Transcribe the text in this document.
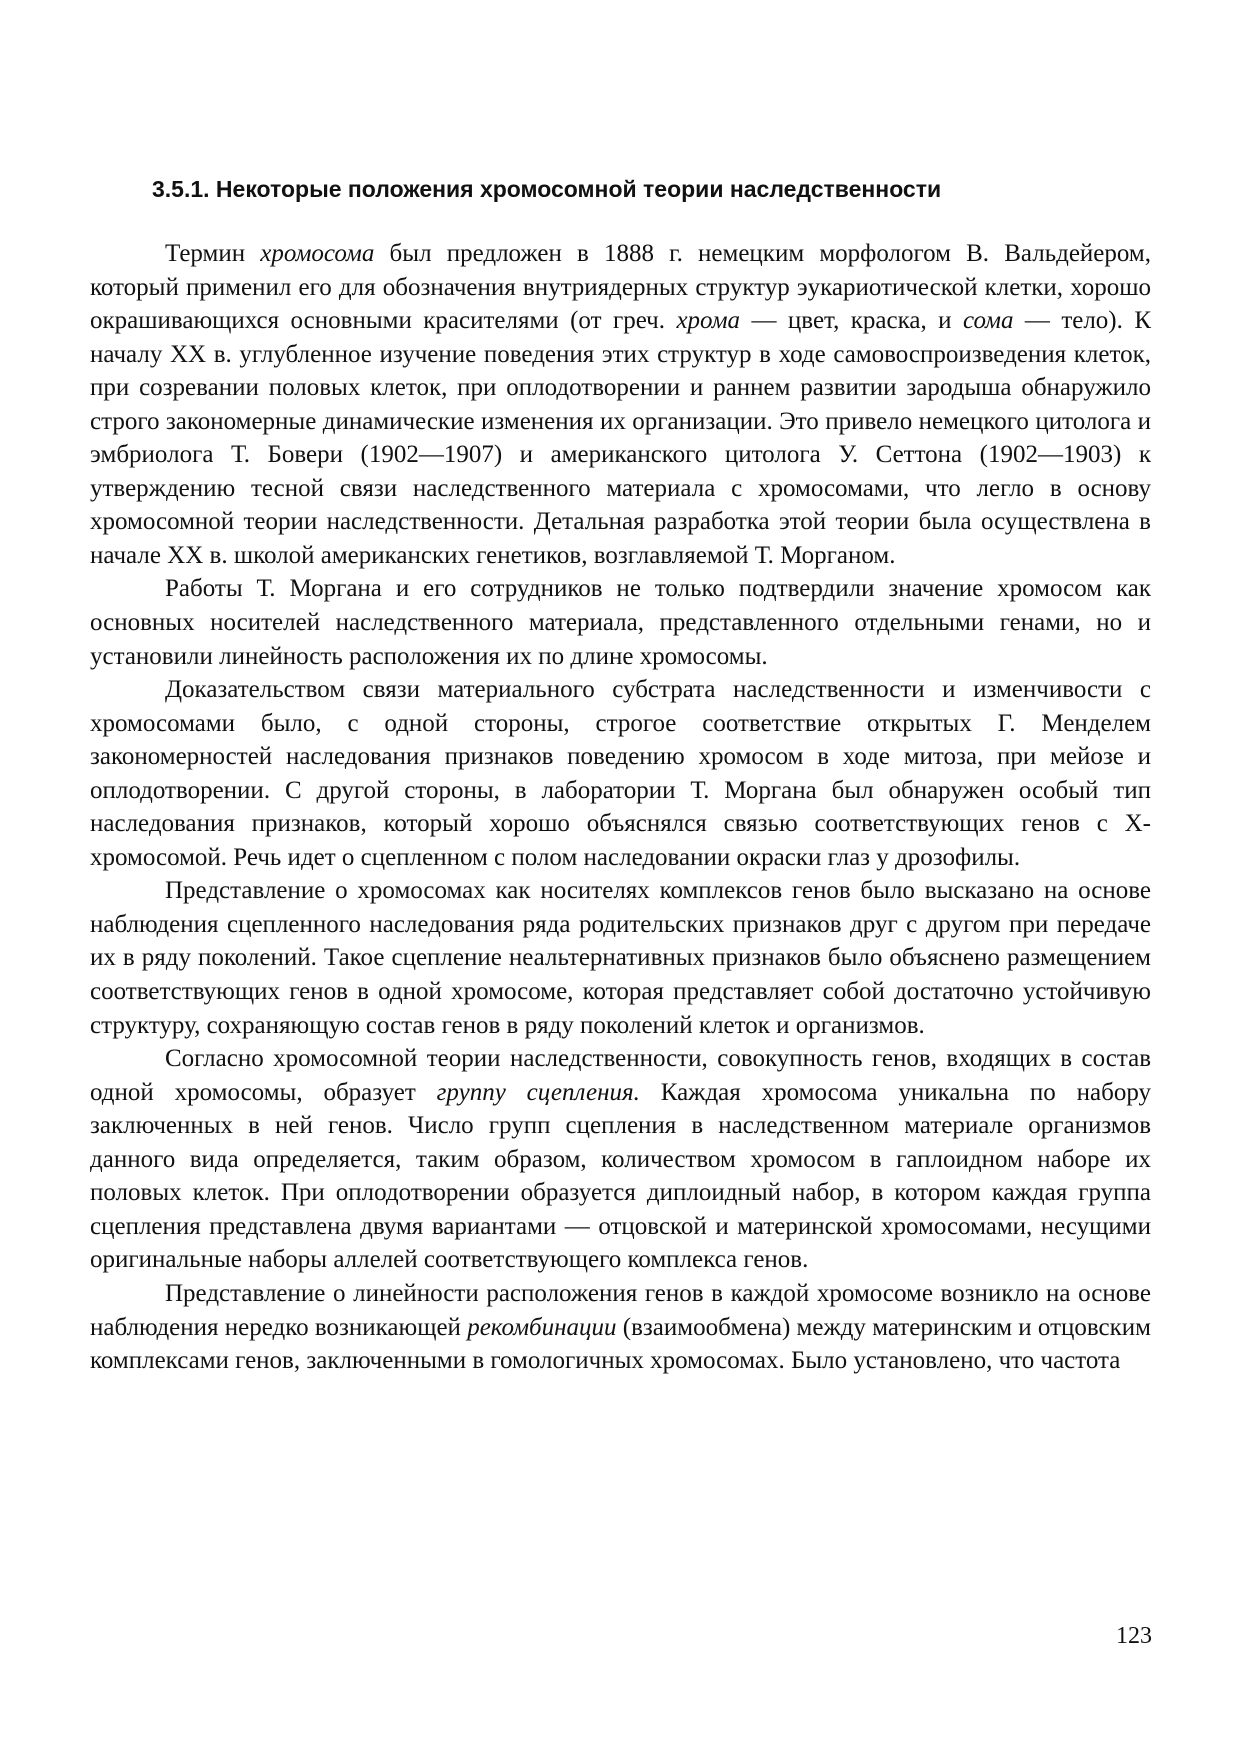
3.5.1. Некоторые положения хромосомной теории наследственности

Термин хромосома был предложен в 1888 г. немецким морфологом В. Вальдейером, который применил его для обозначения внутриядерных структур эукариотической клетки, хорошо окрашивающихся основными красителями (от греч. хрома — цвет, краска, и сома — тело). К началу XX в. углубленное изучение поведения этих структур в ходе самовоспроизведения клеток, при созревании половых клеток, при оплодотворении и раннем развитии зародыша обнаружило строго закономерные динамические изменения их организации. Это привело немецкого цитолога и эмбриолога Т. Бовери (1902—1907) и американского цитолога У. Сеттона (1902—1903) к утверждению тесной связи наследственного материала с хромосомами, что легло в основу хромосомной теории наследственности. Детальная разработка этой теории была осуществлена в начале XX в. школой американских генетиков, возглавляемой Т. Морганом.

Работы Т. Моргана и его сотрудников не только подтвердили значение хромосом как основных носителей наследственного материала, представленного отдельными генами, но и установили линейность расположения их по длине хромосомы.

Доказательством связи материального субстрата наследственности и изменчивости с хромосомами было, с одной стороны, строгое соответствие открытых Г. Менделем закономерностей наследования признаков поведению хромосом в ходе митоза, при мейозе и оплодотворении. С другой стороны, в лаборатории Т. Моргана был обнаружен особый тип наследования признаков, который хорошо объяснялся связью соответствующих генов с X-хромосомой. Речь идет о сцепленном с полом наследовании окраски глаз у дрозофилы.

Представление о хромосомах как носителях комплексов генов было высказано на основе наблюдения сцепленного наследования ряда родительских признаков друг с другом при передаче их в ряду поколений. Такое сцепление неальтернативных признаков было объяснено размещением соответствующих генов в одной хромосоме, которая представляет собой достаточно устойчивую структуру, сохраняющую состав генов в ряду поколений клеток и организмов.

Согласно хромосомной теории наследственности, совокупность генов, входящих в состав одной хромосомы, образует группу сцепления. Каждая хромосома уникальна по набору заключенных в ней генов. Число групп сцепления в наследственном материале организмов данного вида определяется, таким образом, количеством хромосом в гаплоидном наборе их половых клеток. При оплодотворении образуется диплоидный набор, в котором каждая группа сцепления представлена двумя вариантами — отцовской и материнской хромосомами, несущими оригинальные наборы аллелей соответствующего комплекса генов.

Представление о линейности расположения генов в каждой хромосоме возникло на основе наблюдения нередко возникающей рекомбинации (взаимообмена) между материнским и отцовским комплексами генов, заключенными в гомологичных хромосомах. Было установлено, что частота

123
